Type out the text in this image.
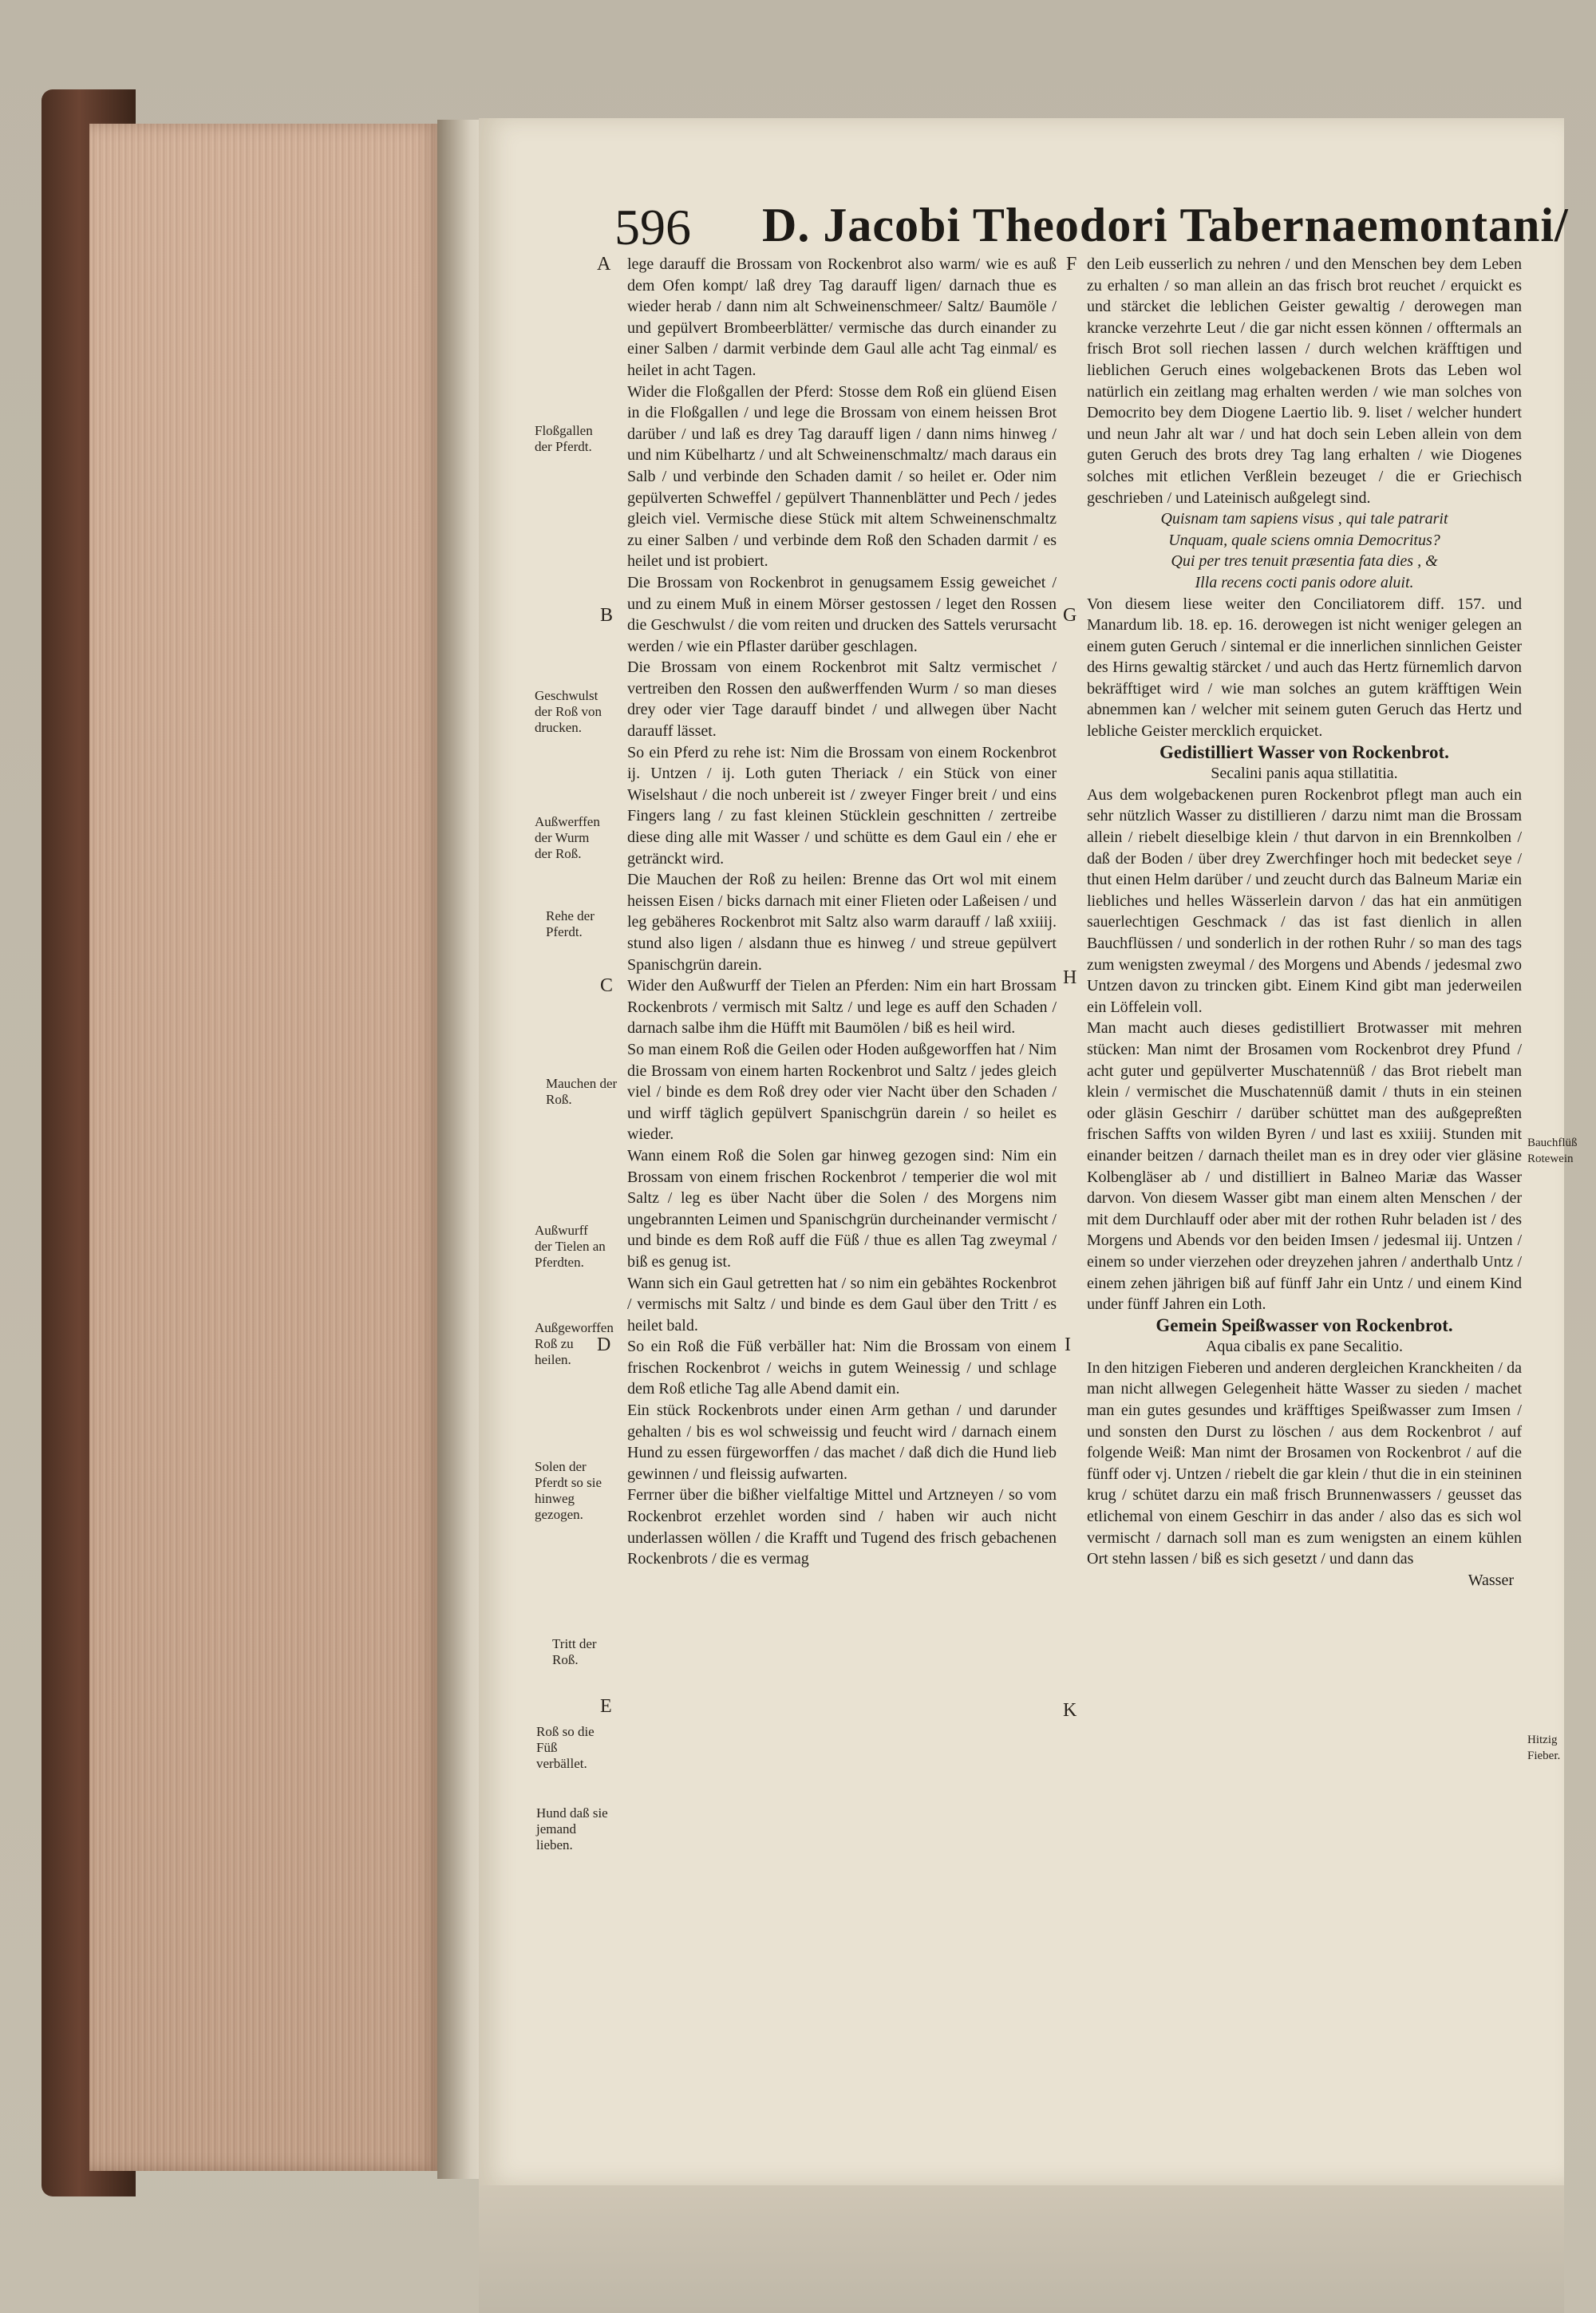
596 D. Jacobi Theodori Tabernaemontani/
A
B
C
D
E
F
G
H
I
K
Floßgallen der Pferdt.
Geschwulst der Roß von drucken.
Außwerffen der Wurm der Roß.
Rehe der Pferdt.
Mauchen der Roß.
Außwurff der Tielen an Pferdten.
Außgeworffen Roß zu heilen.
Solen der Pferdt so sie hinweg gezogen.
Tritt der Roß.
Roß so die Füß verbället.
Hund daß sie jemand lieben.
Bauchflüß Rotewein
Hitzig Fieber.

lege darauff die Brossam von Rockenbrot also warm/ wie es auß dem Ofen kompt/ laß drey Tag darauff ligen/ darnach thue es wieder herab / dann nim alt Schweinenschmeer/ Saltz/ Baumöle / und gepülvert Brombeerblätter/ vermische das durch einander zu einer Salben / darmit verbinde dem Gaul alle acht Tag einmal/ es heilet in acht Tagen.

Wider die Floßgallen der Pferd: Stosse dem Roß ein glüend Eisen in die Floßgallen / und lege die Brossam von einem heissen Brot darüber / und laß es drey Tag darauff ligen / dann nims hinweg / und nim Kübelhartz / und alt Schweinenschmaltz/ mach daraus ein Salb / und verbinde den Schaden damit / so heilet er. Oder nim gepülverten Schweffel / gepülvert Thannenblätter und Pech / jedes gleich viel. Vermische diese Stück mit altem Schweinenschmaltz zu einer Salben / und verbinde dem Roß den Schaden darmit / es heilet und ist probiert.

Die Brossam von Rockenbrot in genugsamem Essig geweichet / und zu einem Muß in einem Mörser gestossen / leget den Rossen die Geschwulst / die vom reiten und drucken des Sattels verursacht werden / wie ein Pflaster darüber geschlagen.

Die Brossam von einem Rockenbrot mit Saltz vermischet / vertreiben den Rossen den außwerffenden Wurm / so man dieses drey oder vier Tage darauff bindet / und allwegen über Nacht darauff lässet.

So ein Pferd zu rehe ist: Nim die Brossam von einem Rockenbrot ij. Untzen / ij. Loth guten Theriack / ein Stück von einer Wiselshaut / die noch unbereit ist / zweyer Finger breit / und eins Fingers lang / zu fast kleinen Stücklein geschnitten / zertreibe diese ding alle mit Wasser / und schütte es dem Gaul ein / ehe er getränckt wird.

Die Mauchen der Roß zu heilen: Brenne das Ort wol mit einem heissen Eisen / bicks darnach mit einer Flieten oder Laßeisen / und leg gebäheres Rockenbrot mit Saltz also warm darauff / laß xxiiij. stund also ligen / alsdann thue es hinweg / und streue gepülvert Spanischgrün darein.

Wider den Außwurff der Tielen an Pferden: Nim ein hart Brossam Rockenbrots / vermisch mit Saltz / und lege es auff den Schaden / darnach salbe ihm die Hüfft mit Baumölen / biß es heil wird.

So man einem Roß die Geilen oder Hoden außgeworffen hat / Nim die Brossam von einem harten Rockenbrot und Saltz / jedes gleich viel / binde es dem Roß drey oder vier Nacht über den Schaden / und wirff täglich gepülvert Spanischgrün darein / so heilet es wieder.

Wann einem Roß die Solen gar hinweg gezogen sind: Nim ein Brossam von einem frischen Rockenbrot / temperier die wol mit Saltz / leg es über Nacht über die Solen / des Morgens nim ungebrannten Leimen und Spanischgrün durcheinander vermischt / und binde es dem Roß auff die Füß / thue es allen Tag zweymal / biß es genug ist.

Wann sich ein Gaul getretten hat / so nim ein gebähtes Rockenbrot / vermischs mit Saltz / und binde es dem Gaul über den Tritt / es heilet bald.

So ein Roß die Füß verbäller hat: Nim die Brossam von einem frischen Rockenbrot / weichs in gutem Weinessig / und schlage dem Roß etliche Tag alle Abend damit ein.

Ein stück Rockenbrots under einen Arm gethan / und darunder gehalten / bis es wol schweissig und feucht wird / darnach einem Hund zu essen fürgeworffen / das machet / daß dich die Hund lieb gewinnen / und fleissig aufwarten.

Ferrner über die bißher vielfaltige Mittel und Artzneyen / so vom Rockenbrot erzehlet worden sind / haben wir auch nicht underlassen wöllen / die Krafft und Tugend des frisch gebachenen Rockenbrots / die es vermag

den Leib eusserlich zu nehren / und den Menschen bey dem Leben zu erhalten / so man allein an das frisch brot reuchet / erquickt es und stärcket die leblichen Geister gewaltig / derowegen man krancke verzehrte Leut / die gar nicht essen können / offtermals an frisch Brot soll riechen lassen / durch welchen kräfftigen und lieblichen Geruch eines wolgebackenen Brots das Leben wol natürlich ein zeitlang mag erhalten werden / wie man solches von Democrito bey dem Diogene Laertio lib. 9. liset / welcher hundert und neun Jahr alt war / und hat doch sein Leben allein von dem guten Geruch des brots drey Tag lang erhalten / wie Diogenes solches mit etlichen Verßlein bezeuget / die er Griechisch geschrieben / und Lateinisch außgelegt sind.

Quisnam tam sapiens visus , qui tale patrarit

Unquam, quale sciens omnia Democritus?

Qui per tres tenuit præsentia fata dies , &

Illa recens cocti panis odore aluit.

Von diesem liese weiter den Conciliatorem diff. 157. und Manardum lib. 18. ep. 16. derowegen ist nicht weniger gelegen an einem guten Geruch / sintemal er die innerlichen sinnlichen Geister des Hirns gewaltig stärcket / und auch das Hertz fürnemlich darvon bekräfftiget wird / wie man solches an gutem kräfftigen Wein abnemmen kan / welcher mit seinem guten Geruch das Hertz und lebliche Geister mercklich erquicket.

Gedistilliert Wasser von Rockenbrot.

Secalini panis aqua stillatitia.

Aus dem wolgebackenen puren Rockenbrot pflegt man auch ein sehr nützlich Wasser zu distillieren / darzu nimt man die Brossam allein / riebelt dieselbige klein / thut darvon in ein Brennkolben / daß der Boden / über drey Zwerchfinger hoch mit bedecket seye / thut einen Helm darüber / und zeucht durch das Balneum Mariæ ein liebliches und helles Wässerlein darvon / das hat ein anmütigen sauerlechtigen Geschmack / das ist fast dienlich in allen Bauchflüssen / und sonderlich in der rothen Ruhr / so man des tags zum wenigsten zweymal / des Morgens und Abends / jedesmal zwo Untzen davon zu trincken gibt. Einem Kind gibt man jederweilen ein Löffelein voll.

Man macht auch dieses gedistilliert Brotwasser mit mehren stücken: Man nimt der Brosamen vom Rockenbrot drey Pfund / acht guter und gepülverter Muschatennüß / das Brot riebelt man klein / vermischet die Muschatennüß damit / thuts in ein steinen oder gläsin Geschirr / darüber schüttet man des außgepreßten frischen Saffts von wilden Byren / und last es xxiiij. Stunden mit einander beitzen / darnach theilet man es in drey oder vier gläsine Kolbengläser ab / und distilliert in Balneo Mariæ das Wasser darvon. Von diesem Wasser gibt man einem alten Menschen / der mit dem Durchlauff oder aber mit der rothen Ruhr beladen ist / des Morgens und Abends vor den beiden Imsen / jedesmal iij. Untzen / einem so under vierzehen oder dreyzehen jahren / anderthalb Untz / einem zehen jährigen biß auf fünff Jahr ein Untz / und einem Kind under fünff Jahren ein Loth.

Gemein Speißwasser von Rockenbrot.

Aqua cibalis ex pane Secalitio.

In den hitzigen Fieberen und anderen dergleichen Kranckheiten / da man nicht allwegen Gelegenheit hätte Wasser zu sieden / machet man ein gutes gesundes und kräfftiges Speißwasser zum Imsen / und sonsten den Durst zu löschen / aus dem Rockenbrot / auf folgende Weiß: Man nimt der Brosamen von Rockenbrot / auf die fünff oder vj. Untzen / riebelt die gar klein / thut die in ein steininen krug / schütet darzu ein maß frisch Brunnenwassers / geusset das etlichemal von einem Geschirr in das ander / also das es sich wol vermischt / darnach soll man es zum wenigsten an einem kühlen Ort stehn lassen / biß es sich gesetzt / und dann das

Wasser
